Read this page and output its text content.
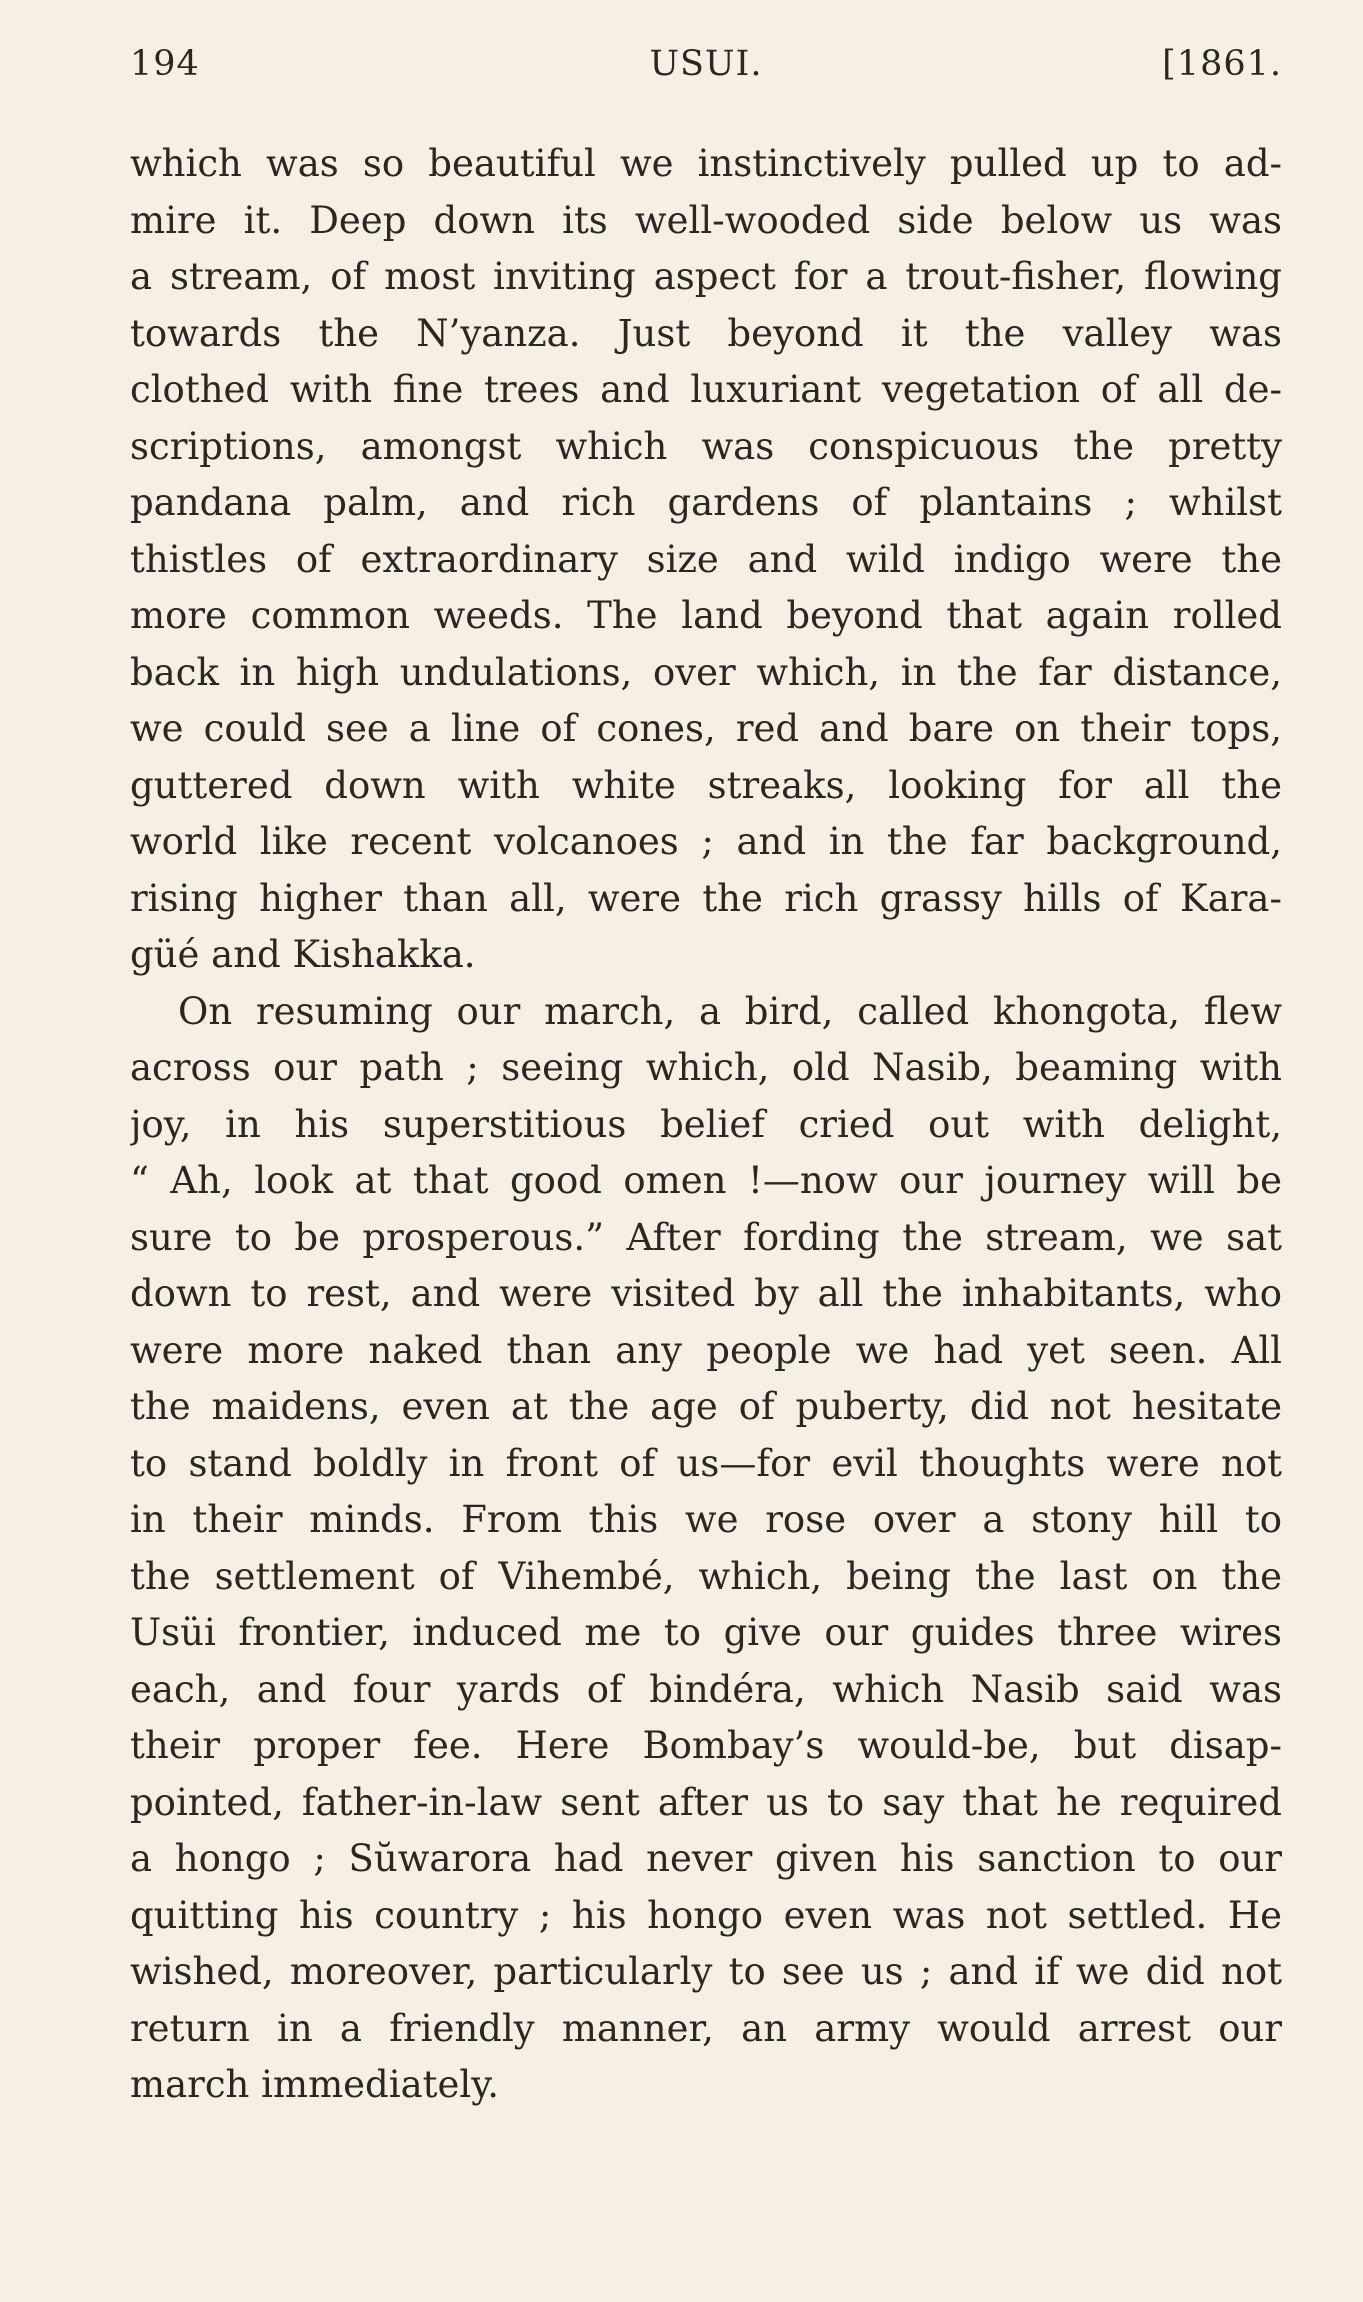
USUI.
194	[1861.
which was so beautiful we instinctively pulled up to ad-
mire it. Deep down its well-wooded side below us was
a stream, of most inviting aspect for a trout-fisher, flowing
towards the N’yanza. Just beyond it the valley was
clothed with fine trees and luxuriant vegetation of all de-
scriptions, amongst which was conspicuous the pretty
pandana palm, and rich gardens of plantains ; whilst
thistles of extraordinary size and wild indigo were the
more common weeds. The land beyond that again rolled
back in high undulations, over which, in the far distance,
we could see a line of cones, red and bare on their tops,
guttered down with white streaks, looking for all the
world like recent volcanoes ; and in the far background,
rising higher than all, were the rich grassy hills of Kara-
güé and Kishakka.
On resuming our march, a bird, called khongota, flew
across our path ; seeing which, old Nasib, beaming with
joy, in his superstitious belief cried out with delight,
“ Ah, look at that good omen !—now our journey will be
sure to be prosperous.” After fording the stream, we sat
down to rest, and were visited by all the inhabitants, who
were more naked than any people we had yet seen. All
the maidens, even at the age of puberty, did not hesitate
to stand boldly in front of us—for evil thoughts were not
in their minds. From this we rose over a stony hill to
the settlement of Vihembé, which, being the last on the
Usüi frontier, induced me to give our guides three wires
each, and four yards of bindéra, which Nasib said was
their proper fee. Here Bombay’s would-be, but disap-
pointed, father-in-law sent after us to say that he required
a hongo ; Sŭwarora had never given his sanction to our
quitting his country ; his hongo even was not settled. He
wished, moreover, particularly to see us ; and if we did not
return in a friendly manner, an army would arrest our
march immediately.
